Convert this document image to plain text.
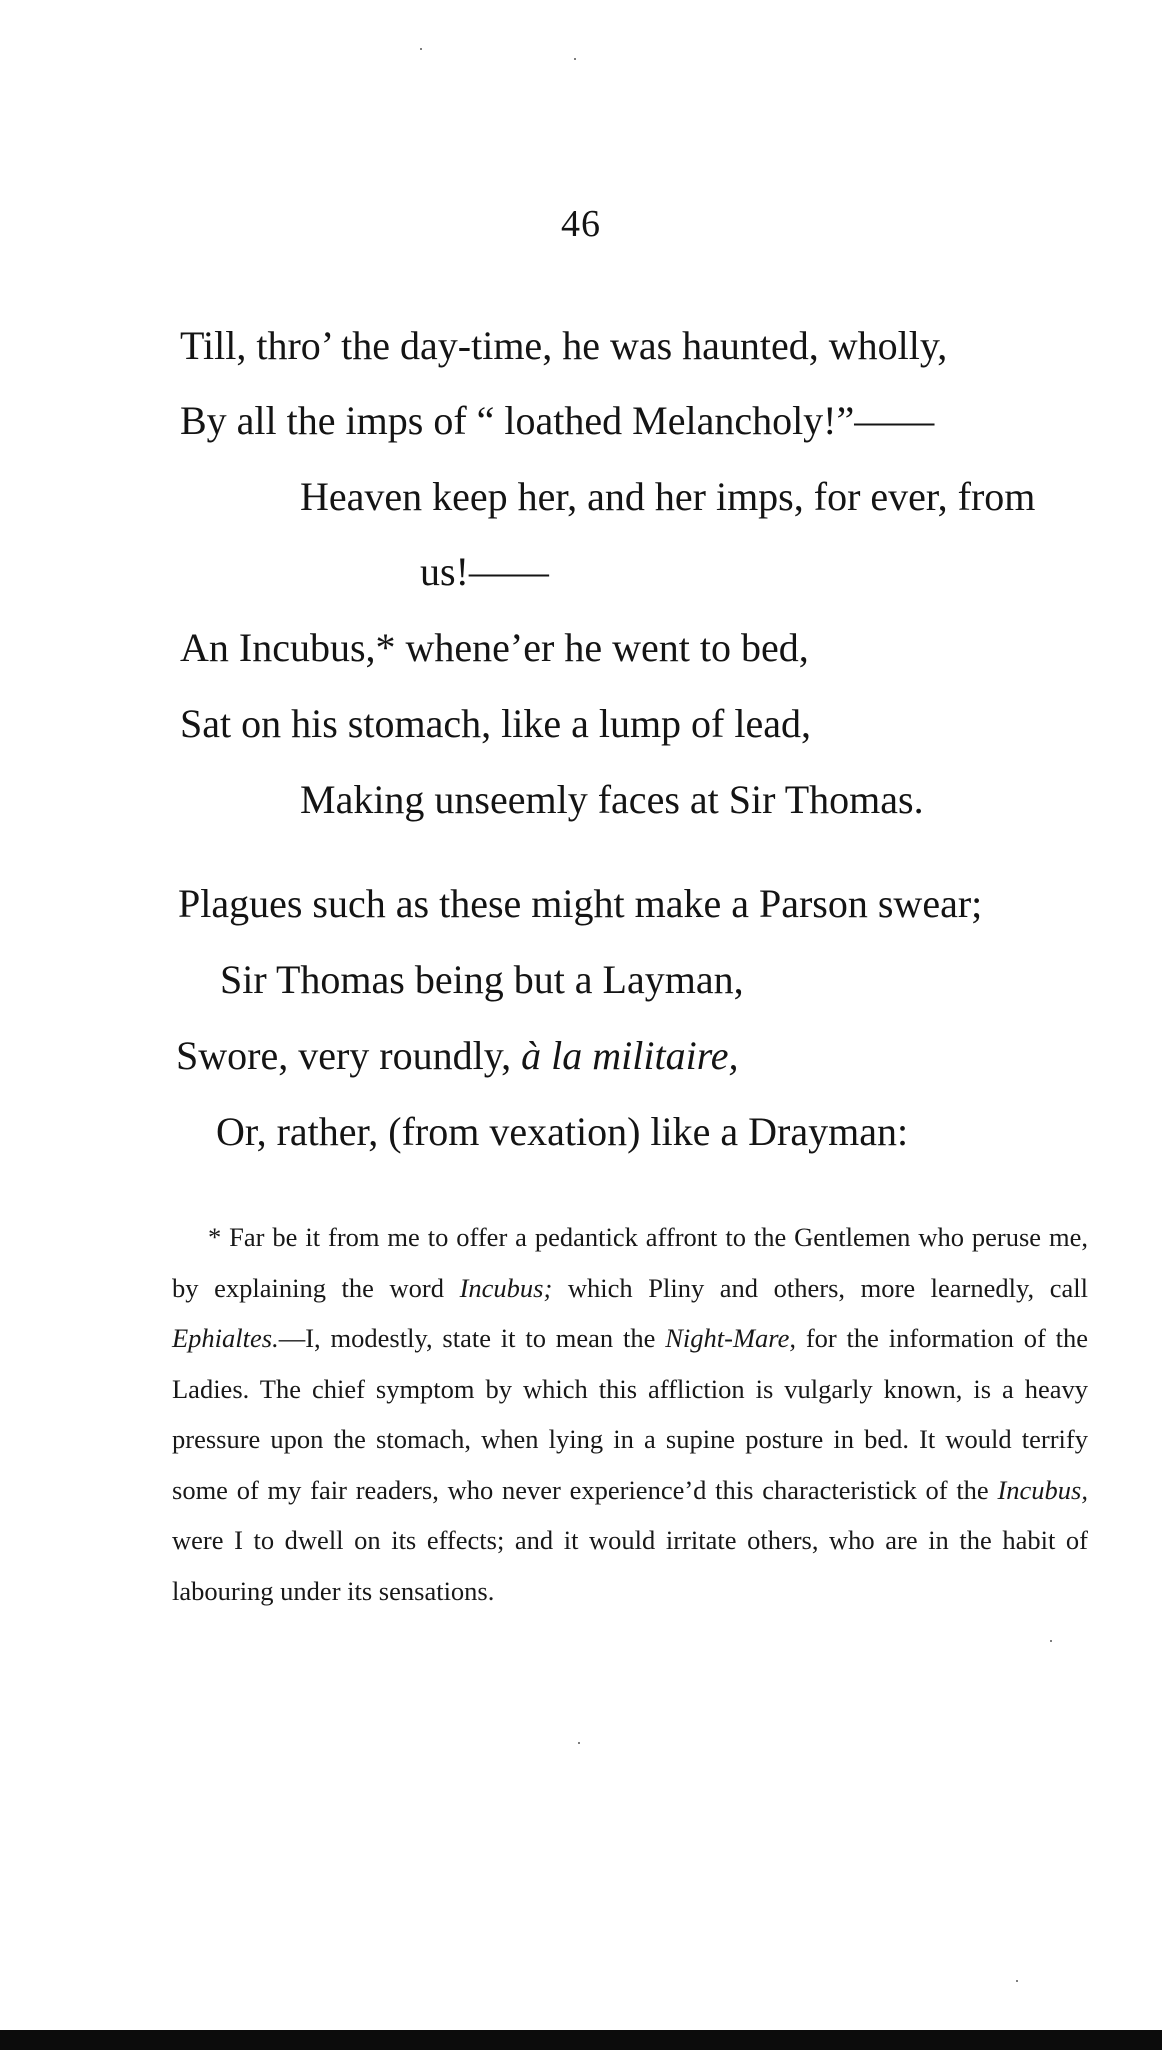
46
Till, thro’ the day-time, he was haunted, wholly,
By all the imps of “ loathed Melancholy!”——
Heaven keep her, and her imps, for ever, from
us!——
An Incubus,* whene’er he went to bed,
Sat on his stomach, like a lump of lead,
Making unseemly faces at Sir Thomas.
Plagues such as these might make a Parson swear;
Sir Thomas being but a Layman,
Swore, very roundly, à la militaire,
Or, rather, (from vexation) like a Drayman:
* Far be it from me to offer a pedantick affront to the Gentlemen who peruse me, by explaining the word Incubus; which Pliny and others, more learnedly, call Ephialtes.—I, modestly, state it to mean the Night-Mare, for the information of the Ladies. The chief symptom by which this affliction is vulgarly known, is a heavy pressure upon the stomach, when lying in a supine posture in bed. It would terrify some of my fair readers, who never experience’d this characteristick of the Incubus, were I to dwell on its effects; and it would irritate others, who are in the habit of labouring under its sensations.
